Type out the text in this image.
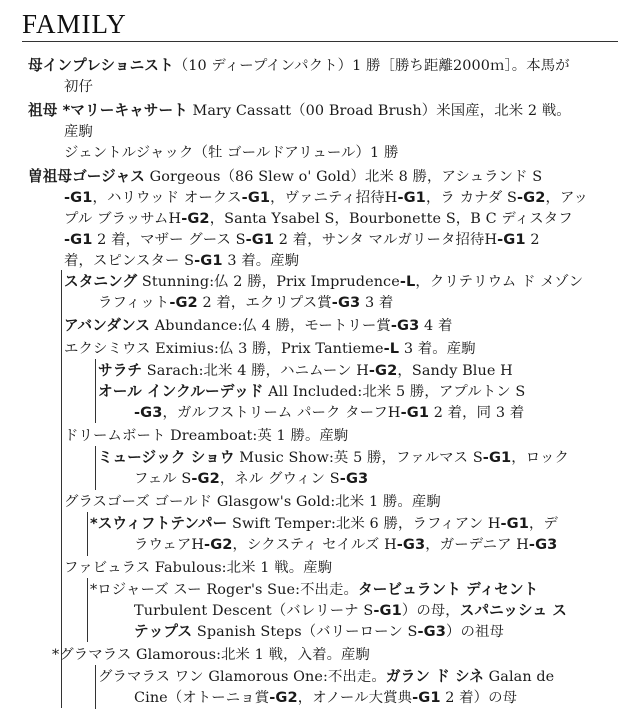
FAMILY
母インプレショニスト（10 ディープインパクト）1 勝［勝ち距離2000ｍ］。本馬が
初仔
祖母 *マリーキャサート Mary Cassatt（00 Broad Brush）米国産，北米 2 戦。
産駒
ジェントルジャック（牡 ゴールドアリュール）1 勝
曽祖母ゴージャス Gorgeous（86 Slew o' Gold）北米 8 勝，アシュランド S
-G1，ハリウッド オークス-G1，ヴァニティ招待H-G1，ラ カナダ S-G2，アッ
プル ブラッサムH-G2，Santa Ysabel S，Bourbonette S，B C ディスタフ
-G1 2 着，マザー グース S-G1 2 着，サンタ マルガリータ招待H-G1 2
着，スピンスター S-G1 3 着。産駒
スタニング Stunning:仏 2 勝，Prix Imprudence-L，クリテリウム ド メゾン
ラフィット-G2 2 着，エクリプス賞-G3 3 着
アバンダンス Abundance:仏 4 勝，モートリー賞-G3 4 着
エクシミウス Eximius:仏 3 勝，Prix Tantieme-L 3 着。産駒
サラチ Sarach:北米 4 勝，ハニムーン H-G2，Sandy Blue H
オール インクルーデッド All Included:北米 5 勝，アプルトン S
-G3，ガルフストリーム パーク ターフH-G1 2 着，同 3 着
ドリームボート Dreamboat:英 1 勝。産駒
ミュージック ショウ Music Show:英 5 勝，ファルマス S-G1，ロック
フェル S-G2，ネル グウィン S-G3
グラスゴーズ ゴールド Glasgow's Gold:北米 1 勝。産駒
*スウィフトテンパー Swift Temper:北米 6 勝，ラフィアン H-G1，デ
ラウェアH-G2，シクスティ セイルズ H-G3，ガーデニア H-G3
ファビュラス Fabulous:北米 1 戦。産駒
*ロジャーズ スー Roger's Sue:不出走。タービュラント ディセント
Turbulent Descent（バレリーナ S-G1）の母，スパニッシュ ス
テップス Spanish Steps（バリーローン S-G3）の祖母
*グラマラス Glamorous:北米 1 戦，入着。産駒
グラマラス ワン Glamorous One:不出走。ガラン ド シネ Galan de
Cine（オトーニョ賞-G2，オノール大賞典-G1 2 着）の母
